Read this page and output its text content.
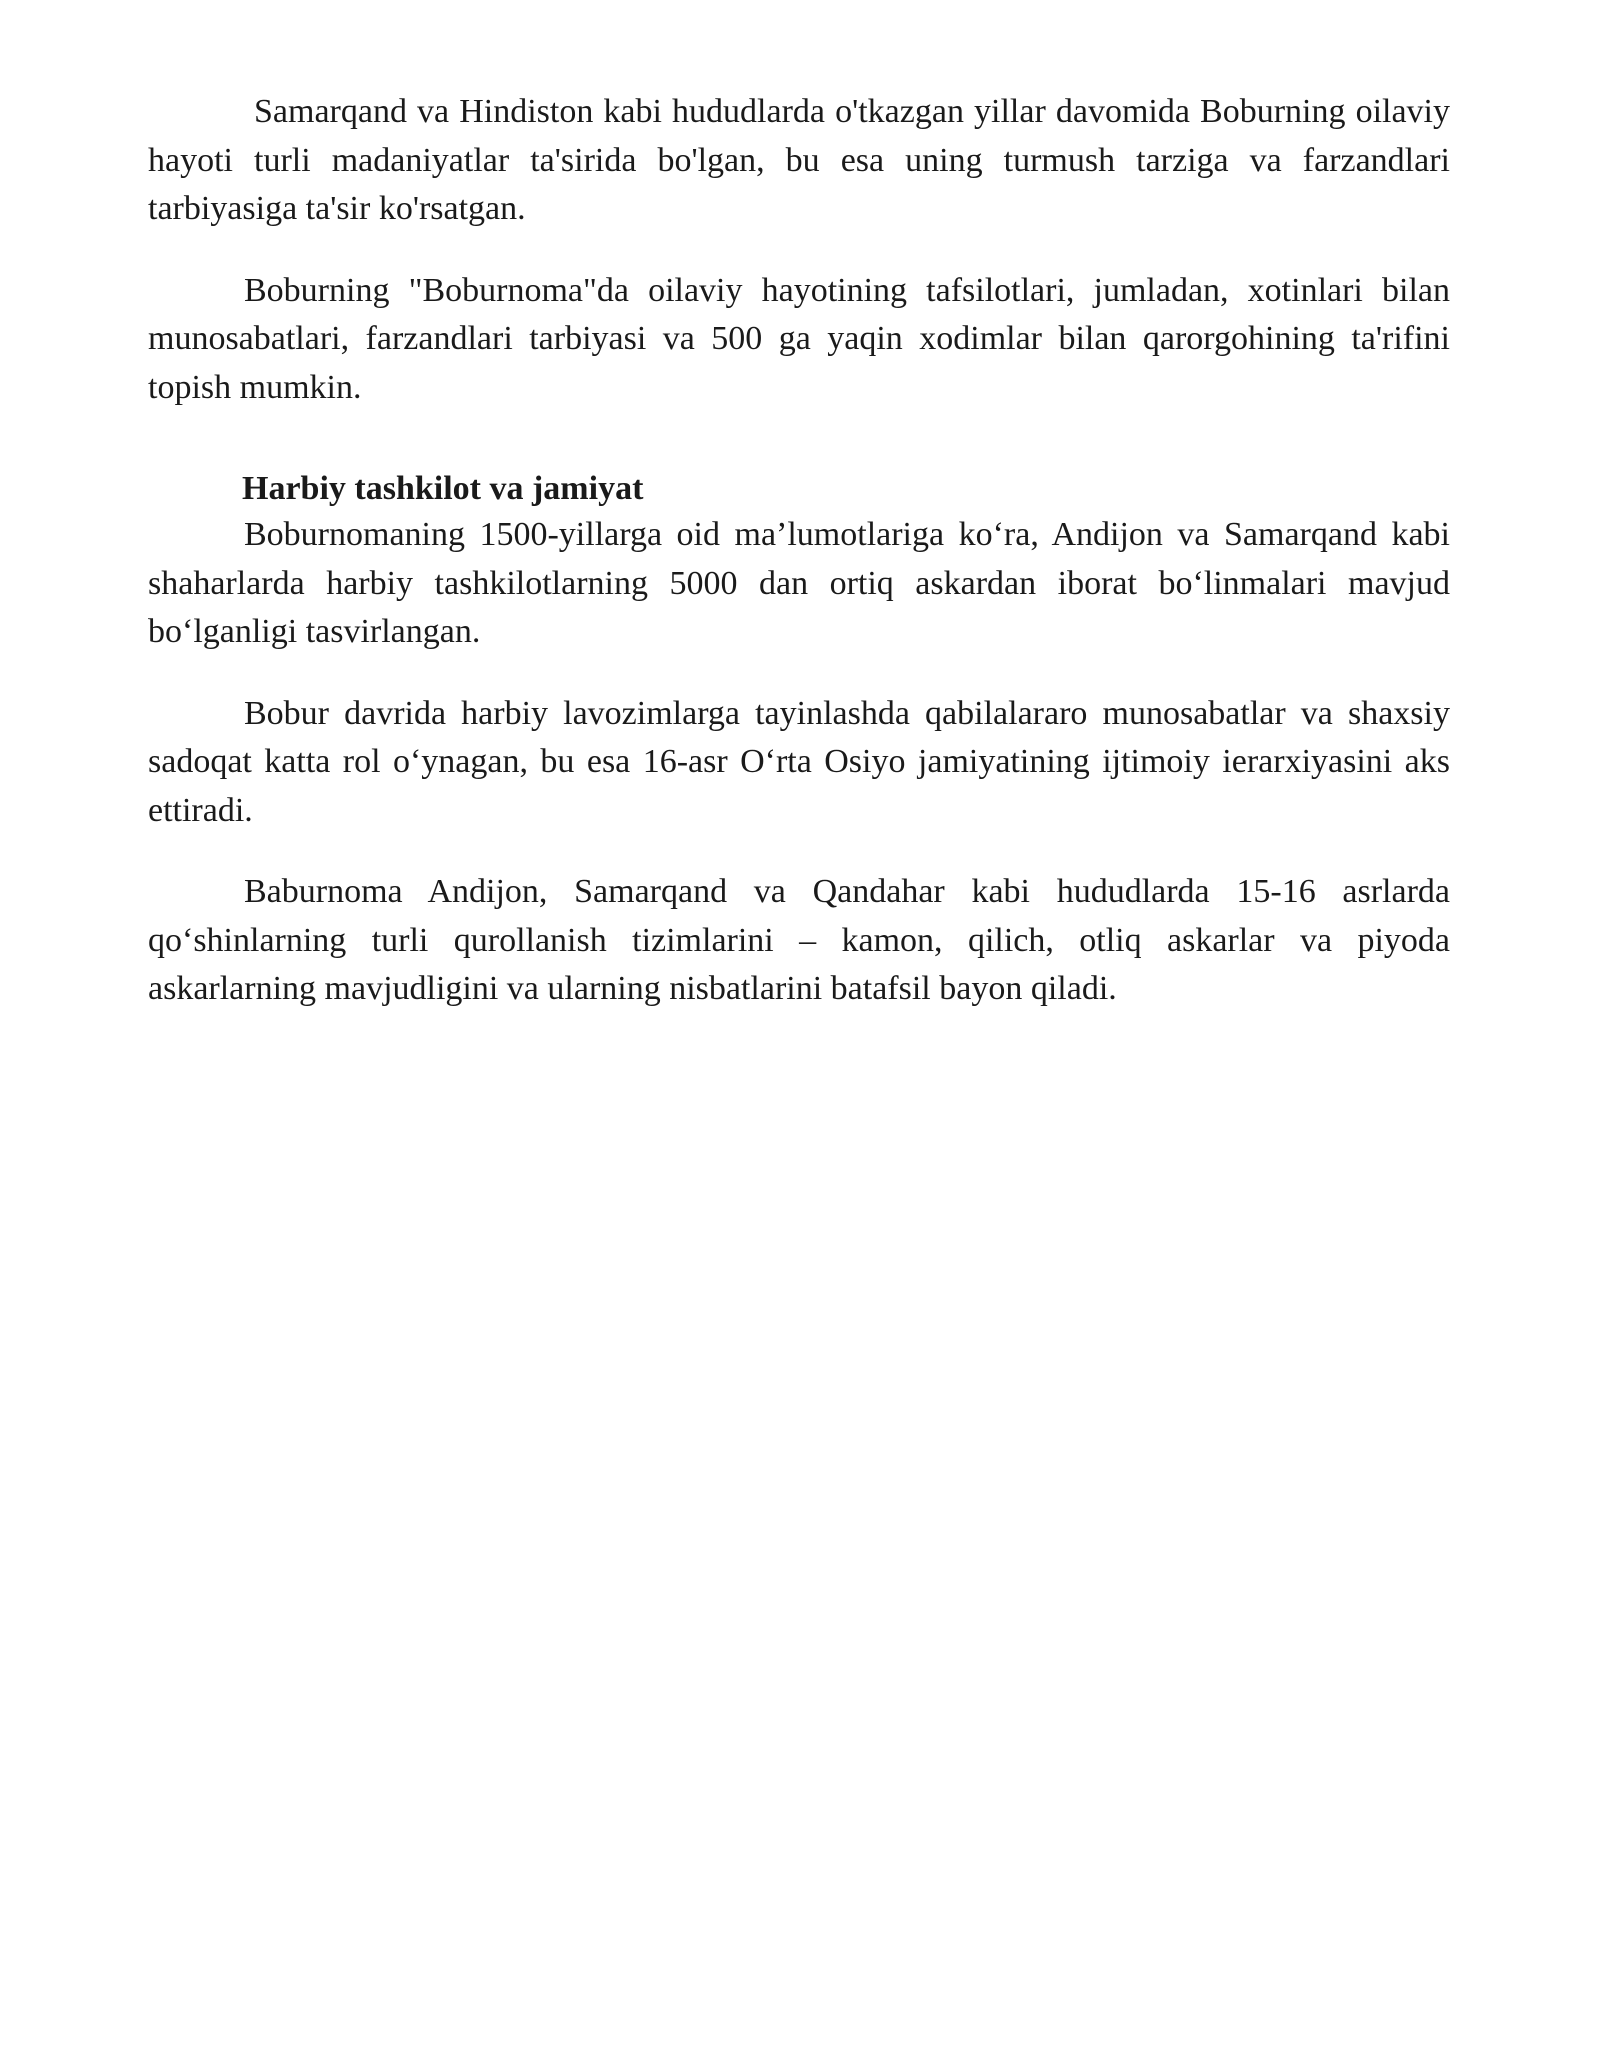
Samarqand va Hindiston kabi hududlarda o'tkazgan yillar davomida Boburning oilaviy hayoti turli madaniyatlar ta'sirida bo'lgan, bu esa uning turmush tarziga va farzandlari tarbiyasiga ta'sir ko'rsatgan.

Boburning "Boburnoma"da oilaviy hayotining tafsilotlari, jumladan, xotinlari bilan munosabatlari, farzandlari tarbiyasi va 500 ga yaqin xodimlar bilan qarorgohining ta'rifini topish mumkin.

Harbiy tashkilot va jamiyat

Boburnomaning 1500-yillarga oid ma’lumotlariga koʻra, Andijon va Samarqand kabi shaharlarda harbiy tashkilotlarning 5000 dan ortiq askardan iborat boʻlinmalari mavjud boʻlganligi tasvirlangan.

Bobur davrida harbiy lavozimlarga tayinlashda qabilalararo munosabatlar va shaxsiy sadoqat katta rol oʻynagan, bu esa 16-asr Oʻrta Osiyo jamiyatining ijtimoiy ierarxiyasini aks ettiradi.

Baburnoma Andijon, Samarqand va Qandahar kabi hududlarda 15-16 asrlarda qoʻshinlarning turli qurollanish tizimlarini – kamon, qilich, otliq askarlar va piyoda askarlarning mavjudligini va ularning nisbatlarini batafsil bayon qiladi.
